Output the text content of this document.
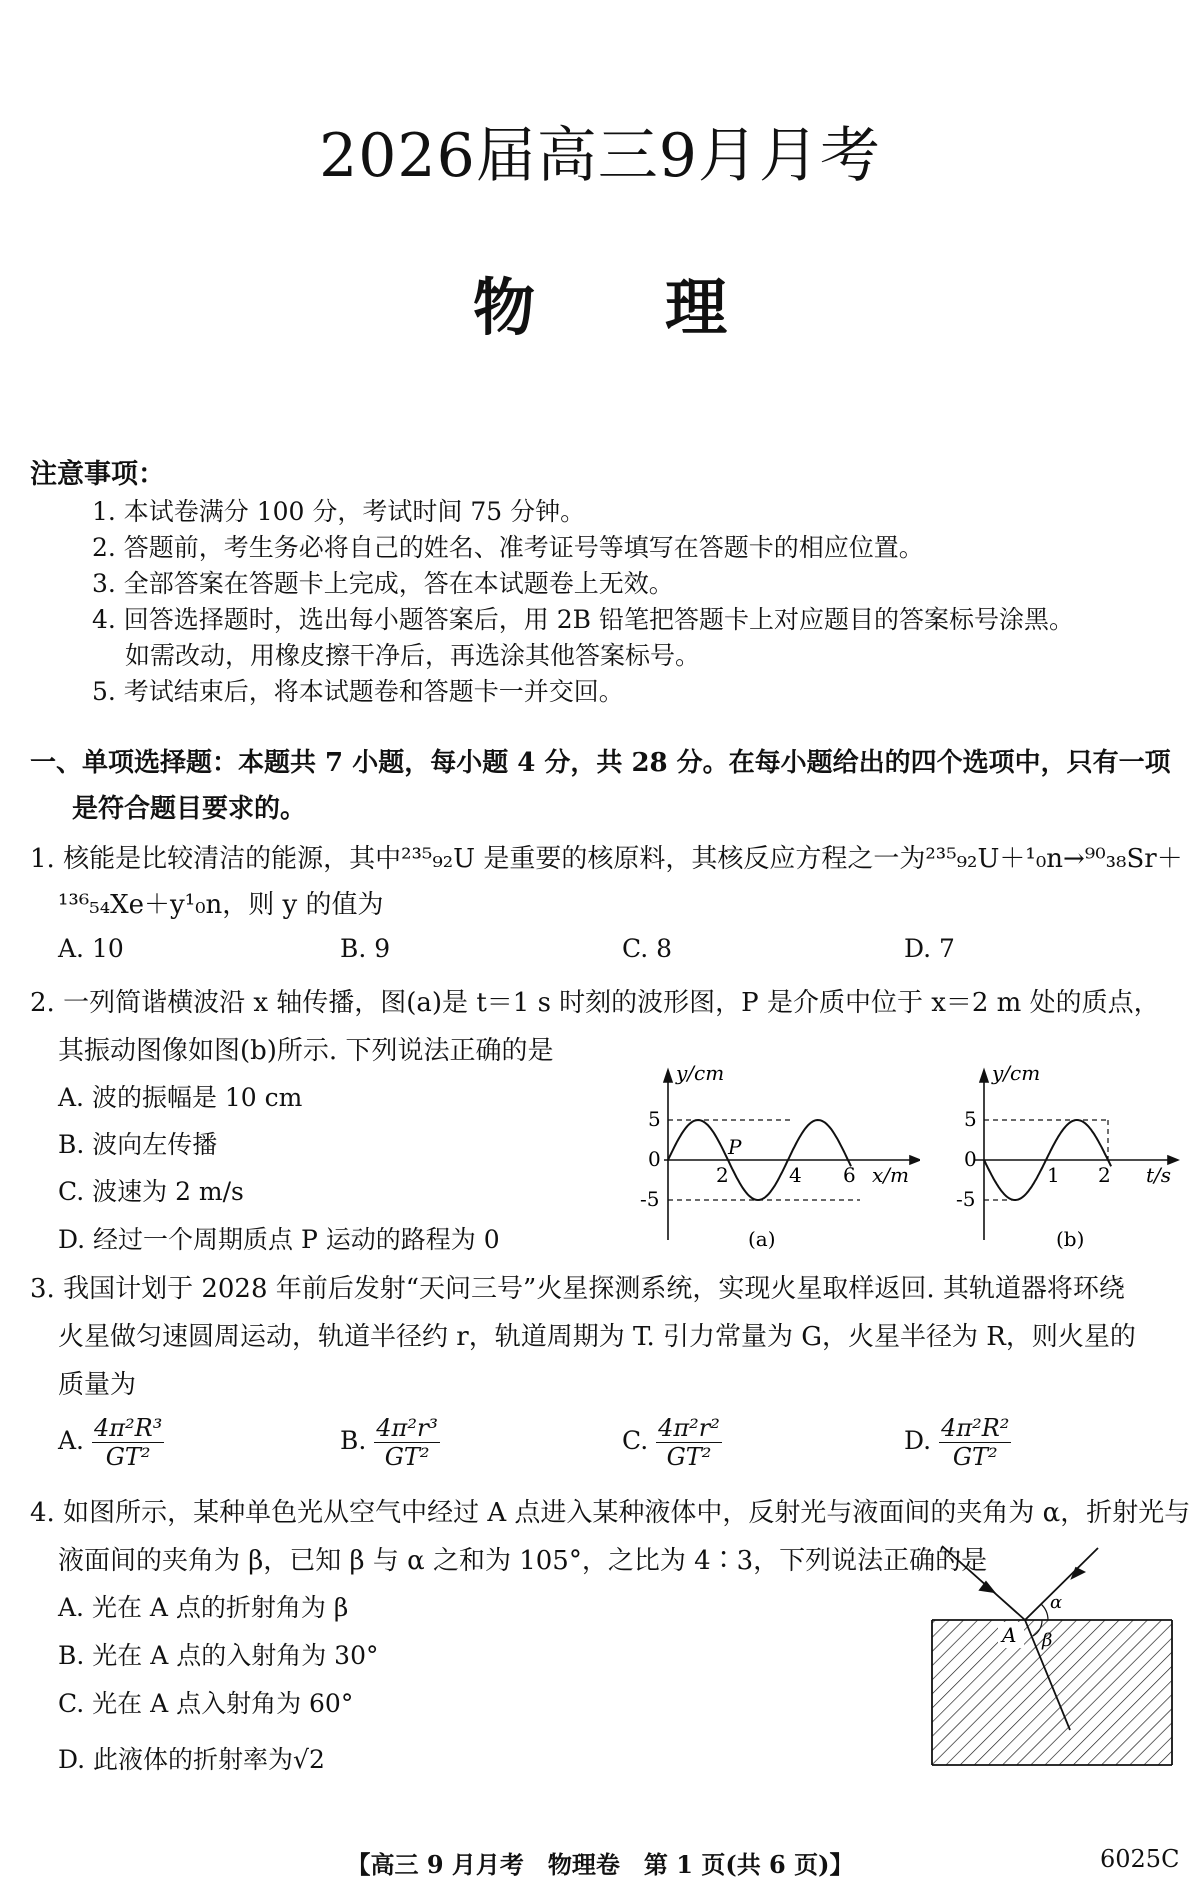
2026届高三9月月考
物理
注意事项：
1. 本试卷满分 100 分，考试时间 75 分钟。
2. 答题前，考生务必将自己的姓名、准考证号等填写在答题卡的相应位置。
3. 全部答案在答题卡上完成，答在本试题卷上无效。
4. 回答选择题时，选出每小题答案后，用 2B 铅笔把答题卡上对应题目的答案标号涂黑。
如需改动，用橡皮擦干净后，再选涂其他答案标号。
5. 考试结束后，将本试题卷和答题卡一并交回。
一、单项选择题：本题共 7 小题，每小题 4 分，共 28 分。在每小题给出的四个选项中，只有一项
是符合题目要求的。
1. 核能是比较清洁的能源，其中²³⁵₉₂U 是重要的核原料，其核反应方程之一为²³⁵₉₂U＋¹₀n→⁹⁰₃₈Sr＋
¹³⁶₅₄Xe＋y¹₀n，则 y 的值为
A. 10	B. 9	C. 8	D. 7
2. 一列简谐横波沿 x 轴传播，图(a)是 t＝1 s 时刻的波形图，P 是介质中位于 x＝2 m 处的质点，
其振动图像如图(b)所示. 下列说法正确的是
A. 波的振幅是 10 cm
B. 波向左传播
C. 波速为 2 m/s
D. 经过一个周期质点 P 运动的路程为 0
y/cm
x/m
2	4 6
5
0
-5
P
(a)
y/cm
t/s
1 2
5
0
-5
(b)
3. 我国计划于 2028 年前后发射“天问三号”火星探测系统，实现火星取样返回. 其轨道器将环绕
火星做匀速圆周运动，轨道半径约 r，轨道周期为 T. 引力常量为 G，火星半径为 R，则火星的
质量为
A. $\frac{\text{4π²R³}}{\text{GT²}}$	B. $\frac{\text{4π²r³}}{\text{GT²}}$	C. $\frac{\text{4π²r²}}{\text{GT²}}$	D. $\frac{\text{4π²R²}}{\text{GT²}}$
4. 如图所示，某种单色光从空气中经过 A 点进入某种液体中，反射光与液面间的夹角为 α，折射光与
液面间的夹角为 β，已知 β 与 α 之和为 105°，之比为 4∶3，下列说法正确的是
A. 光在 A 点的折射角为 β
B. 光在 A 点的入射角为 30°
C. 光在 A 点入射角为 60°
D. 此液体的折射率为√2
A
α
β
【高三 9 月月考　物理卷　第 1 页(共 6 页)】	6025C
